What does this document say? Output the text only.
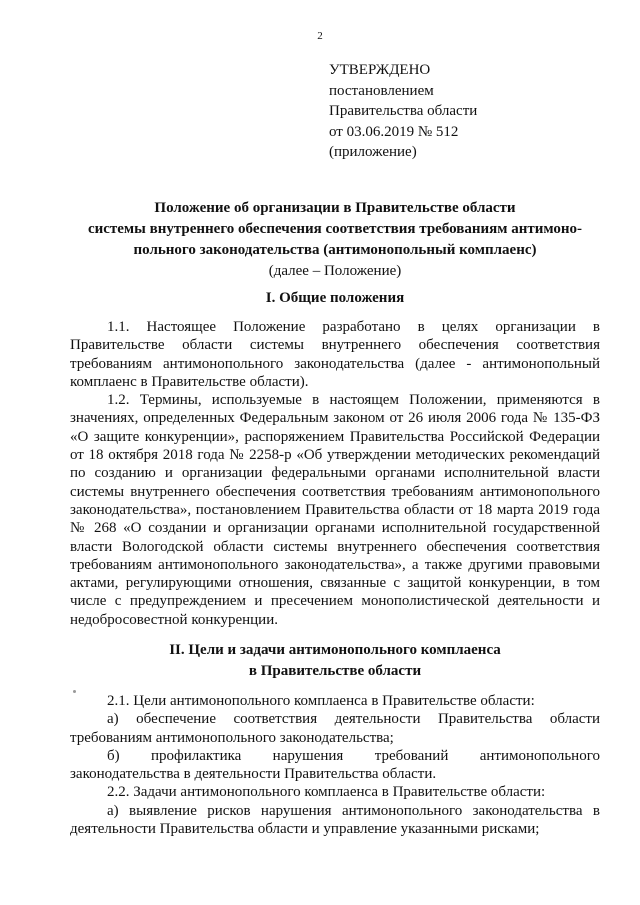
2
УТВЕРЖДЕНО
постановлением
Правительства области
от 03.06.2019 № 512
(приложение)
Положение об организации в Правительстве области
системы внутреннего обеспечения соответствия требованиям антимоно-
польного законодательства (антимонопольный комплаенс)
(далее – Положение)
I. Общие положения

1.1. Настоящее Положение разработано в целях организации в Правительстве области системы внутреннего обеспечения соответствия требованиям антимонопольного законодательства (далее - антимонопольный комплаенс в Правительстве области).

1.2. Термины, используемые в настоящем Положении, применяются в значениях, определенных Федеральным законом от 26 июля 2006 года № 135-ФЗ «О защите конкуренции», распоряжением Правительства Российской Федерации от 18 октября 2018 года № 2258-р «Об утверждении методических рекомендаций по созданию и организации федеральными органами исполнительной власти системы внутреннего обеспечения соответствия требованиям антимонопольного законодательства», постановлением Правительства области от 18 марта 2019 года № 268 «О создании и организации органами исполнительной государственной власти Вологодской области системы внутреннего обеспечения соответствия требованиям антимонопольного законодательства», а также другими правовыми актами, регулирующими отношения, связанные с защитой конкуренции, в том числе с предупреждением и пресечением монополистической деятельности и недобросовестной конкуренции.

II. Цели и задачи антимонопольного комплаенса
в Правительстве области

2.1. Цели антимонопольного комплаенса в Правительстве области:

а) обеспечение соответствия деятельности Правительства области требованиям антимонопольного законодательства;

б) профилактика нарушения требований антимонопольного законодательства в деятельности Правительства области.

2.2. Задачи антимонопольного комплаенса в Правительстве области:

а) выявление рисков нарушения антимонопольного законодательства в деятельности Правительства области и управление указанными рисками;
